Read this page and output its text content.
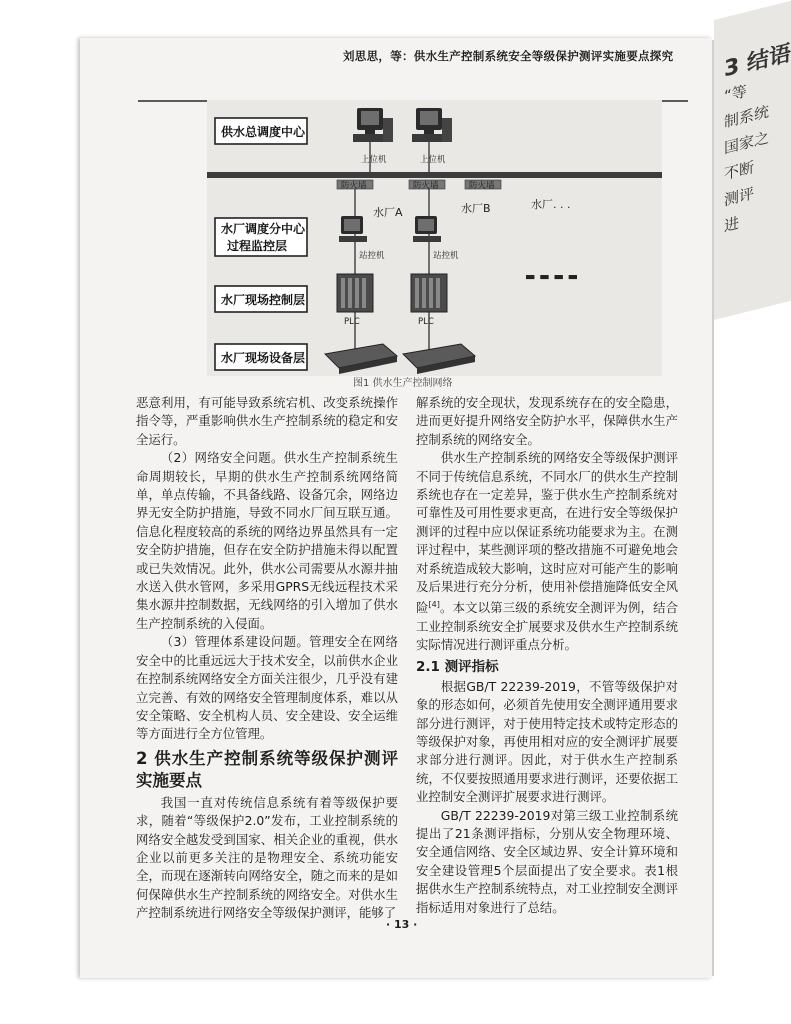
3 结语
“等
制系统
国家之
不断
测评
进
刘思思，等：供水生产控制系统安全等级保护测评实施要点探究
供水总调度中心
水厂调度分中心
过程监控层
水厂现场控制层
水厂现场设备层
上位机	上位机
防火墙	防火墙	防火墙
水厂A	水厂B	水厂. . .
站控机	站控机
▬ ▬ ▬ ▬
PLC	PLC
图1 供水生产控制网络

恶意利用，有可能导致系统宕机、改变系统操作指令等，严重影响供水生产控制系统的稳定和安全运行。

（2）网络安全问题。供水生产控制系统生命周期较长，早期的供水生产控制系统网络简单，单点传输，不具备线路、设备冗余，网络边界无安全防护措施，导致不同水厂间互联互通。信息化程度较高的系统的网络边界虽然具有一定安全防护措施，但存在安全防护措施未得以配置或已失效情况。此外，供水公司需要从水源井抽水送入供水管网，多采用GPRS无线远程技术采集水源井控制数据，无线网络的引入增加了供水生产控制系统的入侵面。

（3）管理体系建设问题。管理安全在网络安全中的比重远远大于技术安全，以前供水企业在控制系统网络安全方面关注很少，几乎没有建立完善、有效的网络安全管理制度体系，难以从安全策略、安全机构人员、安全建设、安全运维等方面进行全方位管理。

2 供水生产控制系统等级保护测评实施要点

我国一直对传统信息系统有着等级保护要求，随着“等级保护2.0”发布，工业控制系统的网络安全越发受到国家、相关企业的重视，供水企业以前更多关注的是物理安全、系统功能安全，而现在逐渐转向网络安全，随之而来的是如何保障供水生产控制系统的网络安全。对供水生产控制系统进行网络安全等级保护测评，能够了

解系统的安全现状，发现系统存在的安全隐患，进而更好提升网络安全防护水平，保障供水生产控制系统的网络安全。

供水生产控制系统的网络安全等级保护测评不同于传统信息系统，不同水厂的供水生产控制系统也存在一定差异，鉴于供水生产控制系统对可靠性及可用性要求更高，在进行安全等级保护测评的过程中应以保证系统功能要求为主。在测评过程中，某些测评项的整改措施不可避免地会对系统造成较大影响，这时应对可能产生的影响及后果进行充分分析，使用补偿措施降低安全风险[4]。本文以第三级的系统安全测评为例，结合工业控制系统安全扩展要求及供水生产控制系统实际情况进行测评重点分析。

2.1 测评指标

根据GB/T 22239-2019，不管等级保护对象的形态如何，必须首先使用安全测评通用要求部分进行测评，对于使用特定技术或特定形态的等级保护对象，再使用相对应的安全测评扩展要求部分进行测评。因此，对于供水生产控制系统，不仅要按照通用要求进行测评，还要依据工业控制安全测评扩展要求进行测评。

GB/T 22239-2019对第三级工业控制系统提出了21条测评指标，分别从安全物理环境、安全通信网络、安全区域边界、安全计算环境和安全建设管理5个层面提出了安全要求。表1根据供水生产控制系统特点，对工业控制安全测评指标适用对象进行了总结。

· 13 ·
